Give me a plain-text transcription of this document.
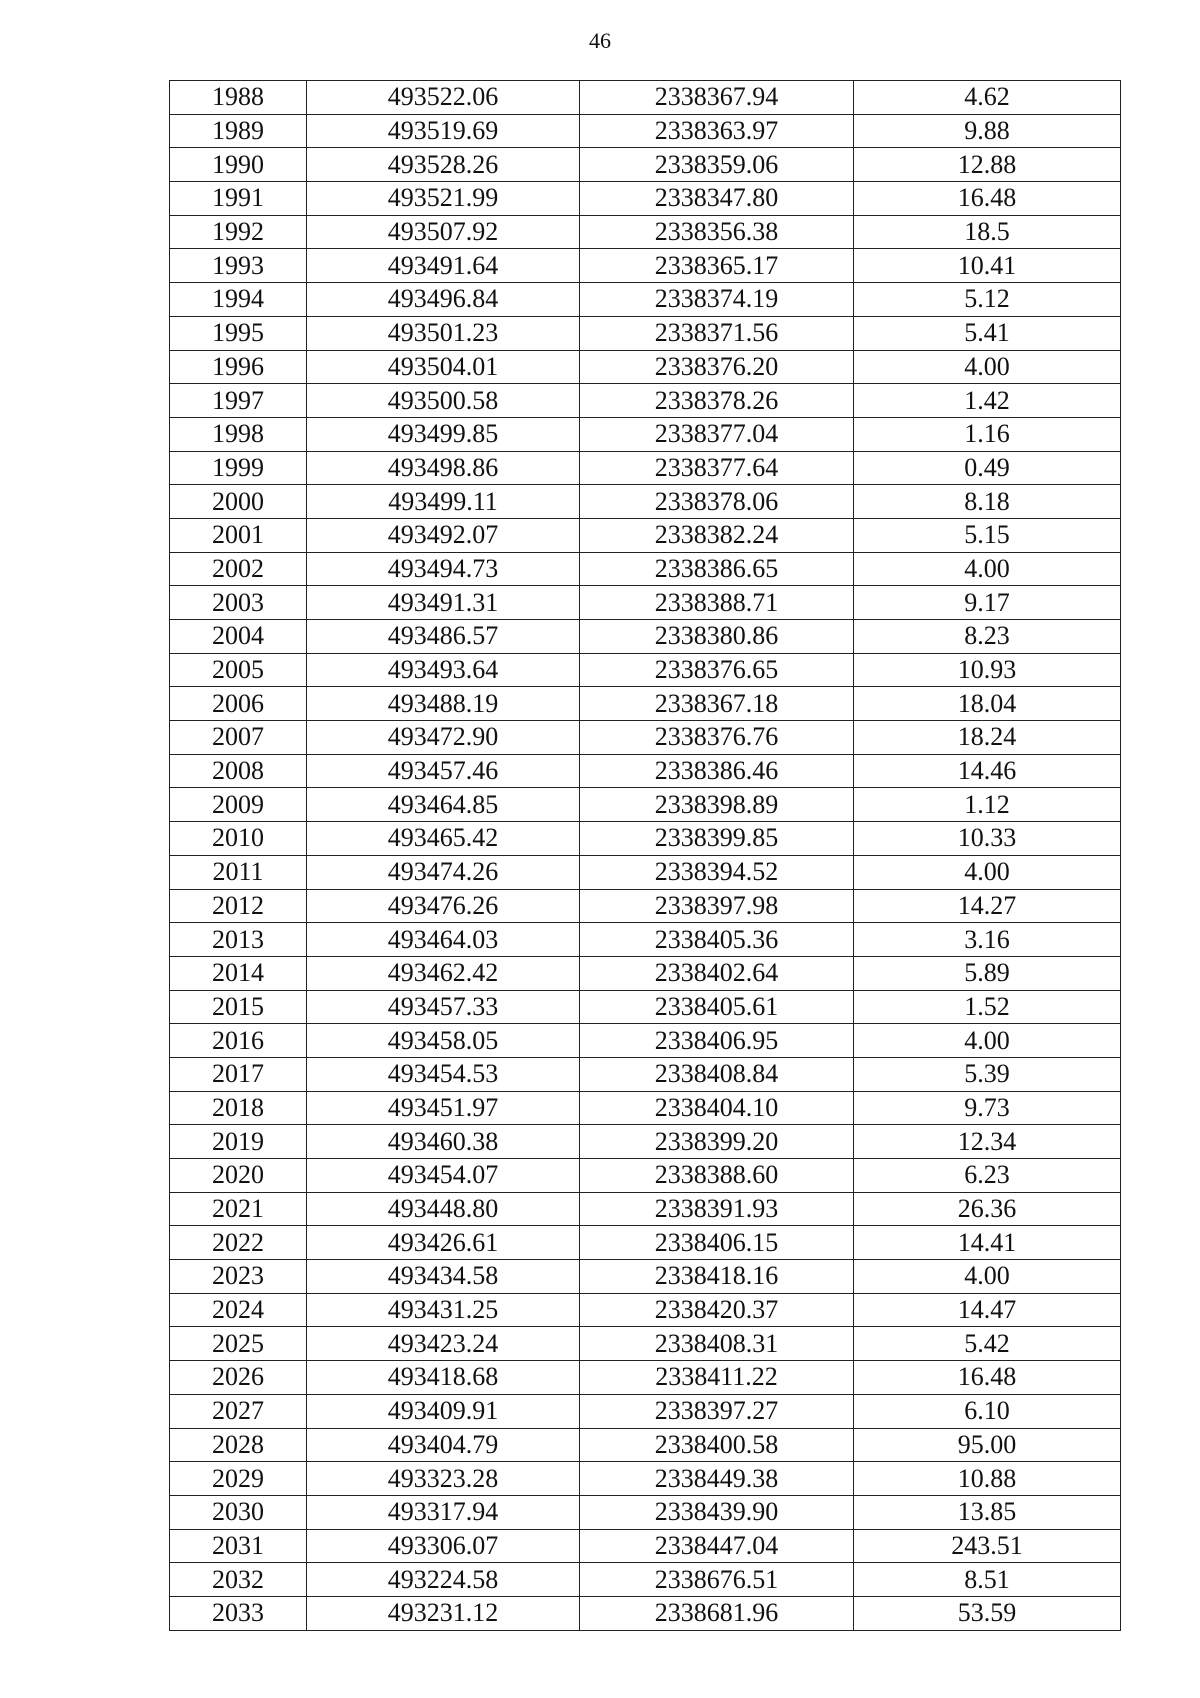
46
1988	493522.06	2338367.94	4.62
1989	493519.69	2338363.97	9.88
1990	493528.26	2338359.06	12.88
1991	493521.99	2338347.80	16.48
1992	493507.92	2338356.38	18.5
1993	493491.64	2338365.17	10.41
1994	493496.84	2338374.19	5.12
1995	493501.23	2338371.56	5.41
1996	493504.01	2338376.20	4.00
1997	493500.58	2338378.26	1.42
1998	493499.85	2338377.04	1.16
1999	493498.86	2338377.64	0.49
2000	493499.11	2338378.06	8.18
2001	493492.07	2338382.24	5.15
2002	493494.73	2338386.65	4.00
2003	493491.31	2338388.71	9.17
2004	493486.57	2338380.86	8.23
2005	493493.64	2338376.65	10.93
2006	493488.19	2338367.18	18.04
2007	493472.90	2338376.76	18.24
2008	493457.46	2338386.46	14.46
2009	493464.85	2338398.89	1.12
2010	493465.42	2338399.85	10.33
2011	493474.26	2338394.52	4.00
2012	493476.26	2338397.98	14.27
2013	493464.03	2338405.36	3.16
2014	493462.42	2338402.64	5.89
2015	493457.33	2338405.61	1.52
2016	493458.05	2338406.95	4.00
2017	493454.53	2338408.84	5.39
2018	493451.97	2338404.10	9.73
2019	493460.38	2338399.20	12.34
2020	493454.07	2338388.60	6.23
2021	493448.80	2338391.93	26.36
2022	493426.61	2338406.15	14.41
2023	493434.58	2338418.16	4.00
2024	493431.25	2338420.37	14.47
2025	493423.24	2338408.31	5.42
2026	493418.68	2338411.22	16.48
2027	493409.91	2338397.27	6.10
2028	493404.79	2338400.58	95.00
2029	493323.28	2338449.38	10.88
2030	493317.94	2338439.90	13.85
2031	493306.07	2338447.04	243.51
2032	493224.58	2338676.51	8.51
2033	493231.12	2338681.96	53.59
